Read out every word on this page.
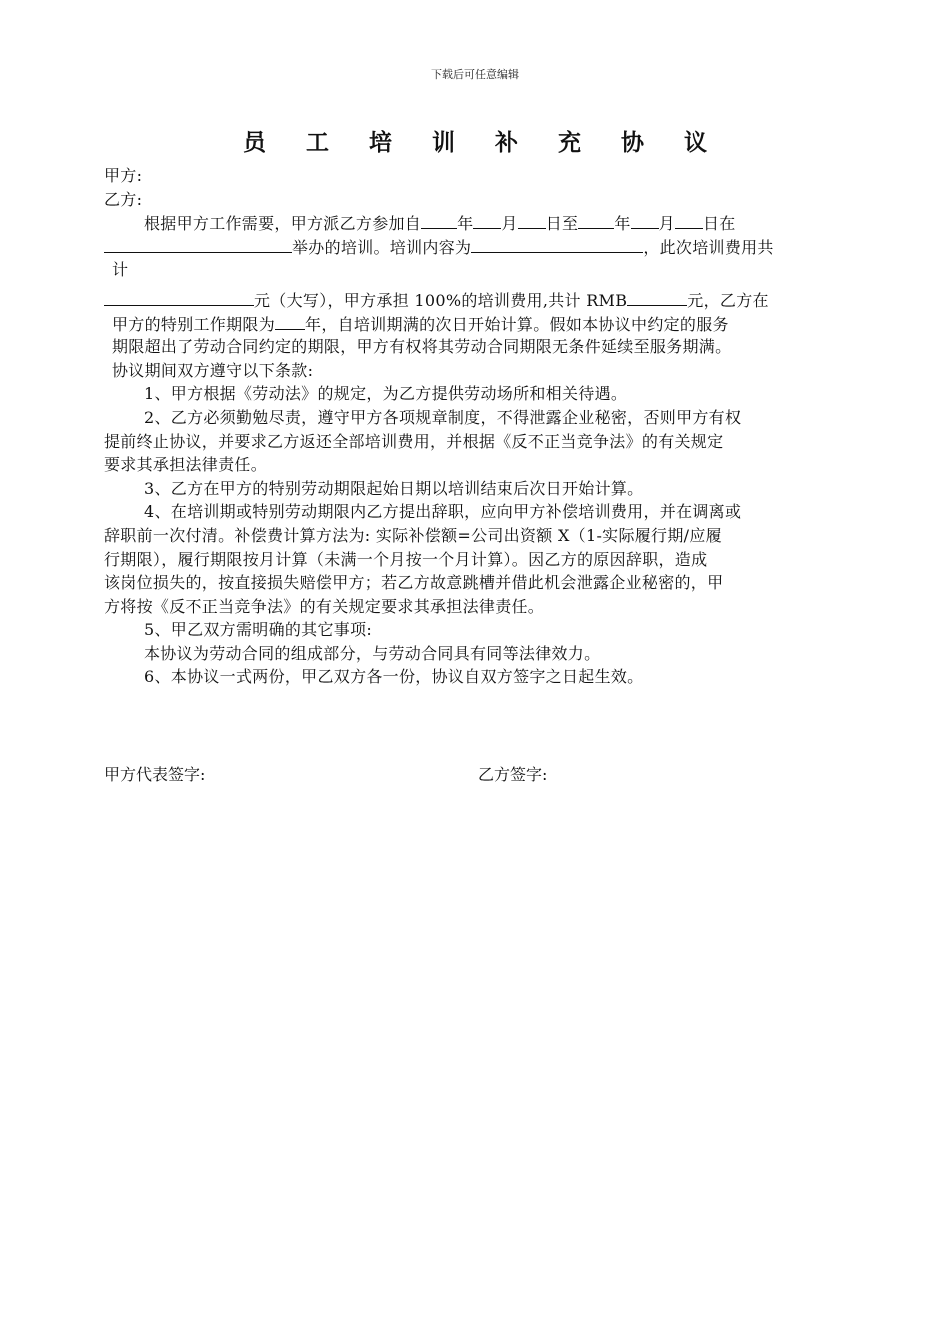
下载后可任意编辑
员 工 培 训 补 充 协 议
甲方:
乙方:
根据甲方工作需要，甲方派乙方参加自 年 月 日至 年 月 日在
举办的培训。培训内容为	，此次培训费用共
计
元（大写），甲方承担 100%的培训费用,共计 RMB	元，乙方在
甲方的特别工作期限为 年，自培训期满的次日开始计算。假如本协议中约定的服务
期限超出了劳动合同约定的期限，甲方有权将其劳动合同期限无条件延续至服务期满。
协议期间双方遵守以下条款:
1、甲方根据《劳动法》的规定，为乙方提供劳动场所和相关待遇。
2、乙方必须勤勉尽责，遵守甲方各项规章制度，不得泄露企业秘密，否则甲方有权
提前终止协议，并要求乙方返还全部培训费用，并根据《反不正当竞争法》的有关规定
要求其承担法律责任。
3、乙方在甲方的特别劳动期限起始日期以培训结束后次日开始计算。
4、在培训期或特别劳动期限内乙方提出辞职，应向甲方补偿培训费用，并在调离或
辞职前一次付清。补偿费计算方法为: 实际补偿额=公司出资额 X（1-实际履行期/应履
行期限），履行期限按月计算（未满一个月按一个月计算）。因乙方的原因辞职，造成
该岗位损失的，按直接损失赔偿甲方；若乙方故意跳槽并借此机会泄露企业秘密的，甲
方将按《反不正当竞争法》的有关规定要求其承担法律责任。
5、甲乙双方需明确的其它事项:
本协议为劳动合同的组成部分，与劳动合同具有同等法律效力。
6、本协议一式两份，甲乙双方各一份，协议自双方签字之日起生效。
甲方代表签字:	乙方签字:
